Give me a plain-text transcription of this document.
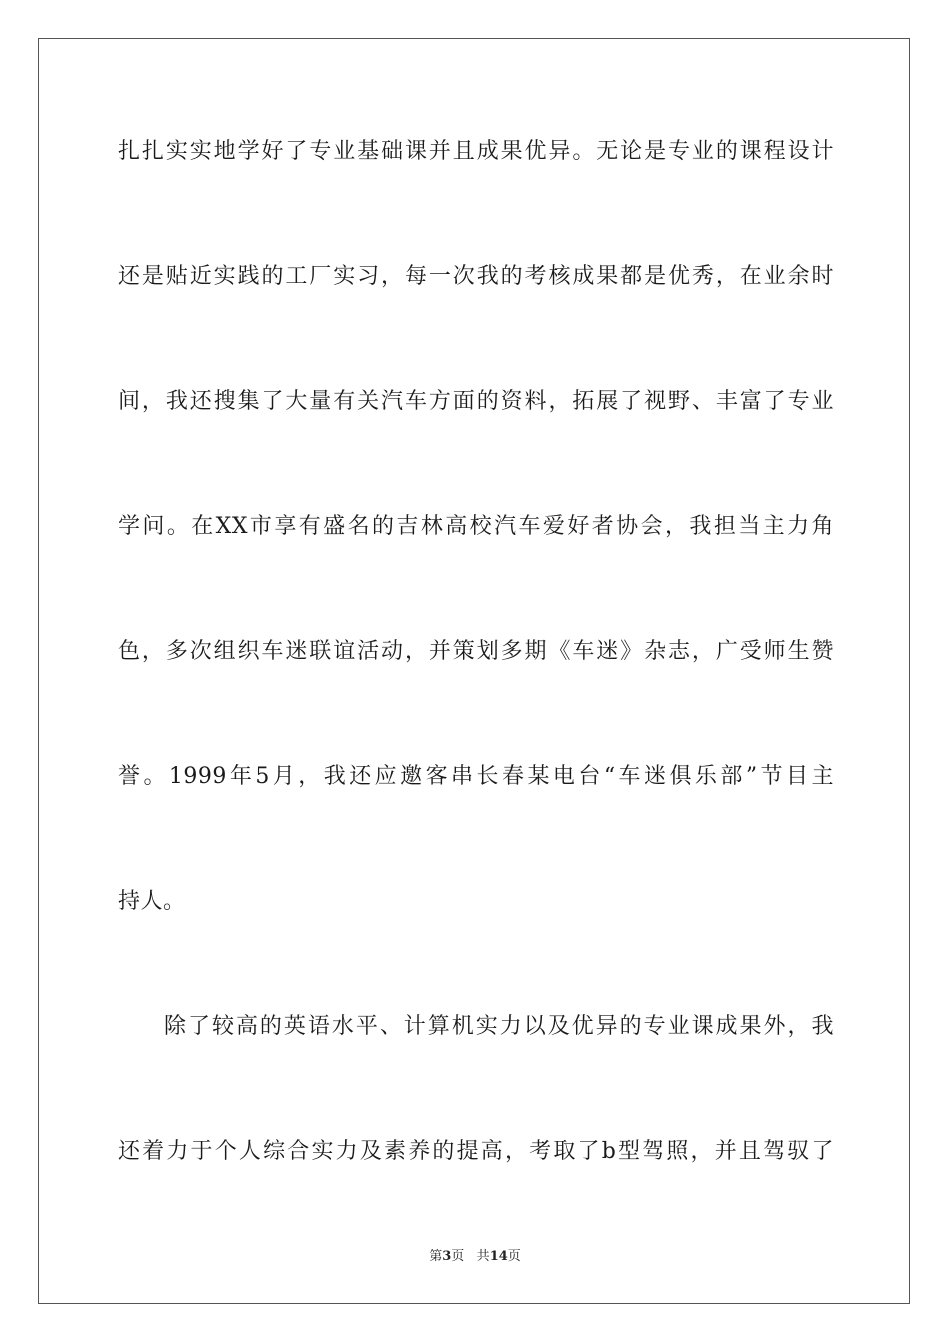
扎扎实实地学好了专业基础课并且成果优异。无论是专业的课程设计
还是贴近实践的工厂实习，每一次我的考核成果都是优秀，在业余时
间，我还搜集了大量有关汽车方面的资料，拓展了视野、丰富了专业
学问。在XX市享有盛名的吉林高校汽车爱好者协会，我担当主力角
色，多次组织车迷联谊活动，并策划多期《车迷》杂志，广受师生赞
誉。1999年5月，我还应邀客串长春某电台“车迷俱乐部”节目主
持人。
除了较高的英语水平、计算机实力以及优异的专业课成果外，我
还着力于个人综合实力及素养的提高，考取了b型驾照，并且驾驭了
第3页 共14页
